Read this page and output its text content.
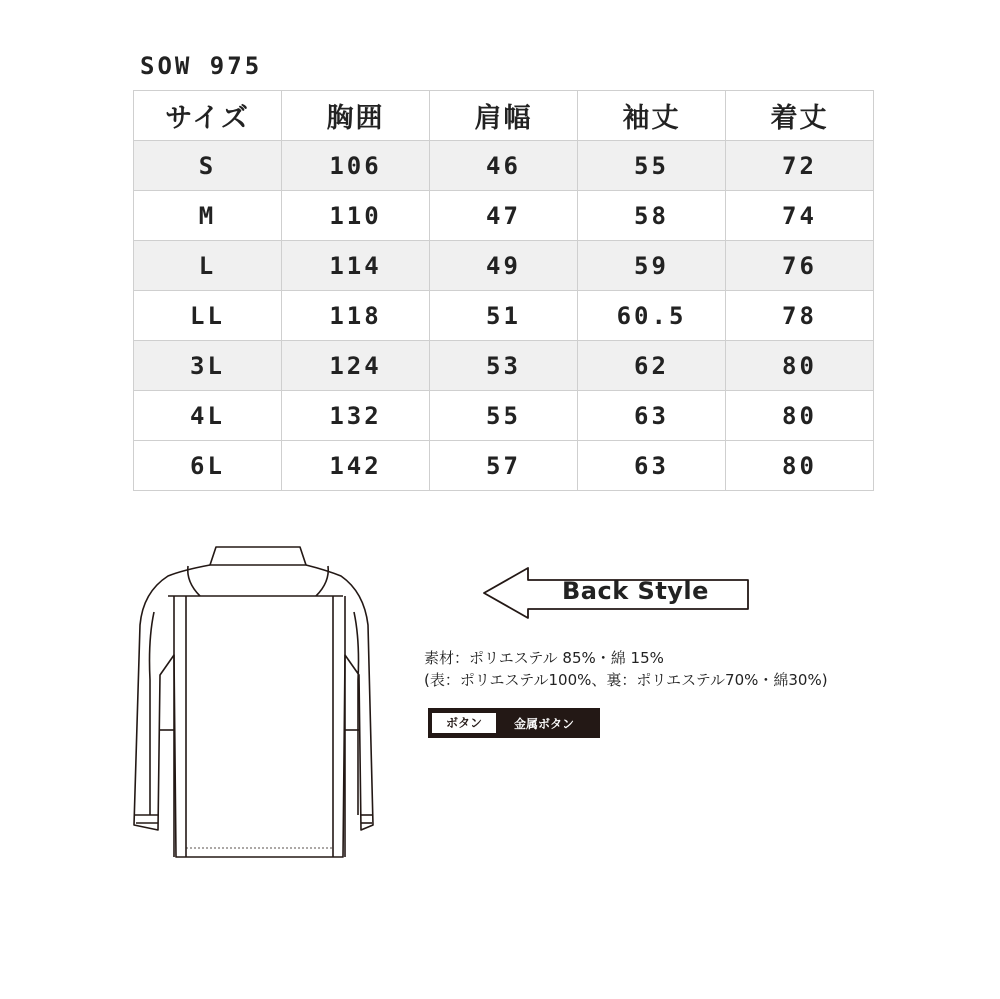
SOW 975
サイズ	胸囲	肩幅	袖丈	着丈
S	106	46	55	72
M	110	47	58	74
L	114	49	59	76
LL	118	51	60.5	78
3L	124	53	62	80
4L	132	55	63	80
6L	142	57	63	80
Back Style
素材：ポリエステル 85%・綿 15%
(表：ポリエステル100%、裏：ポリエステル70%・綿30%)
ボタン	金属ボタン
